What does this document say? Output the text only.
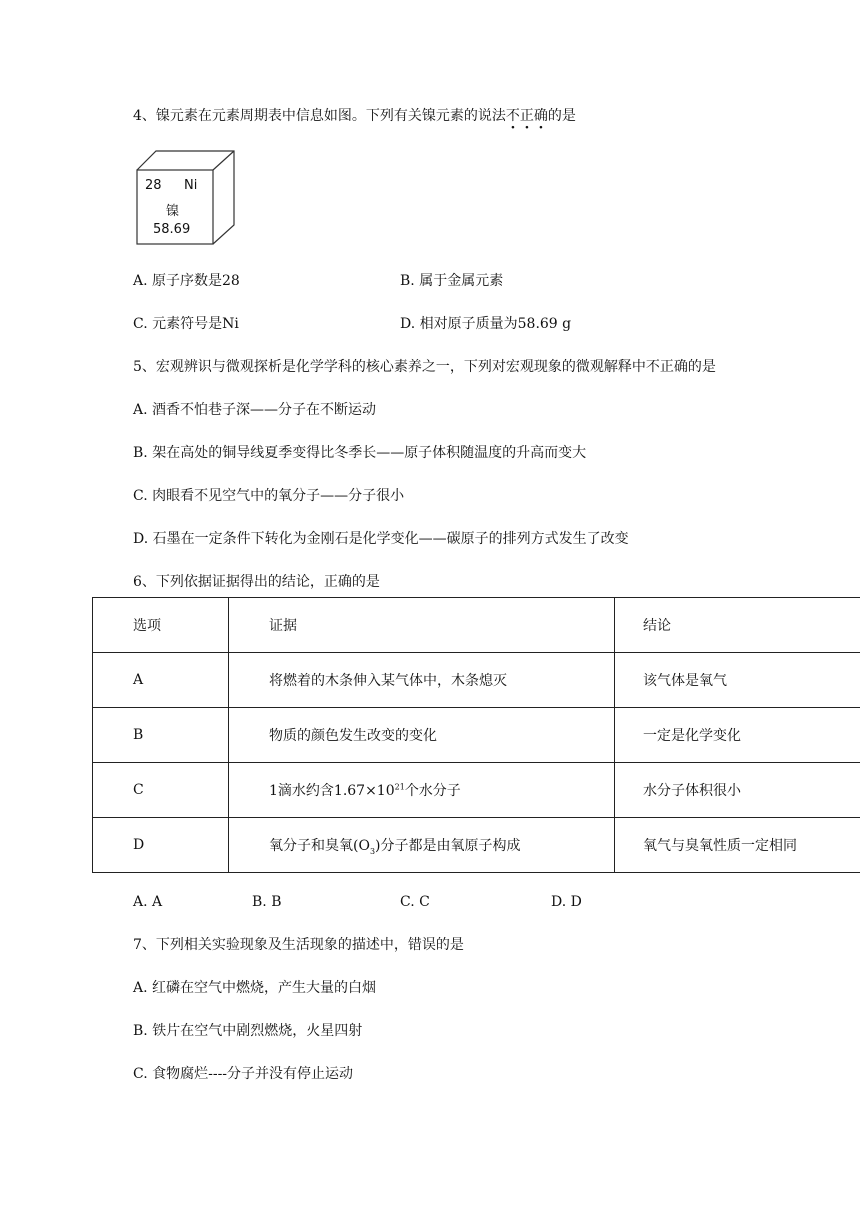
4、镍元素在元素周期表中信息如图。下列有关镍元素的说法不正确的是
28 Ni
镍
58.69
A. 原子序数是28	B. 属于金属元素
C. 元素符号是Ni	D. 相对原子质量为58.69 g
5、宏观辨识与微观探析是化学学科的核心素养之一，下列对宏观现象的微观解释中不正确的是
A. 酒香不怕巷子深——分子在不断运动
B. 架在高处的铜导线夏季变得比冬季长——原子体积随温度的升高而变大
C. 肉眼看不见空气中的氧分子——分子很小
D. 石墨在一定条件下转化为金刚石是化学变化——碳原子的排列方式发生了改变
6、下列依据证据得出的结论，正确的是
选项	证据	结论
A	将燃着的木条伸入某气体中，木条熄灭	该气体是氧气
B	物质的颜色发生改变的变化	一定是化学变化
C	1滴水约含$1.67\times 10^{21}$个水分子	水分子体积很小
D	氧分子和臭氧$(O_3)$分子都是由氧原子构成	氧气与臭氧性质一定相同
A. A	B. B	C. C	D. D
7、下列相关实验现象及生活现象的描述中，错误的是
A. 红磷在空气中燃烧，产生大量的白烟
B. 铁片在空气中剧烈燃烧，火星四射
C. 食物腐烂----分子并没有停止运动
